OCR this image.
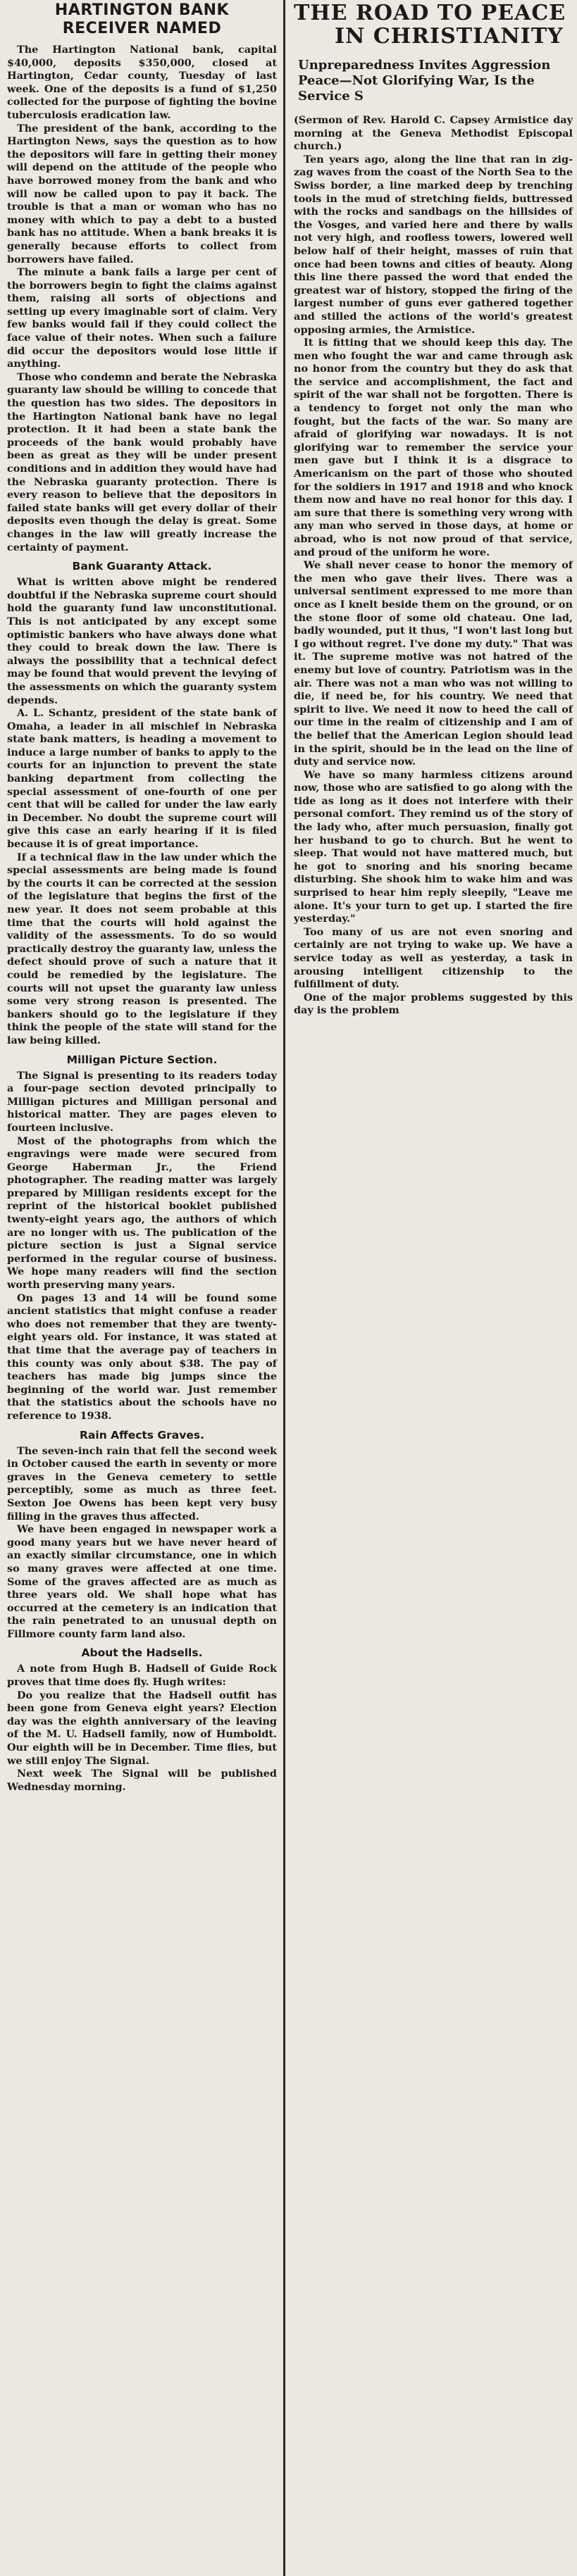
HARTINGTON BANK
RECEIVER NAMED

The Hartington National bank, capital $40,000, deposits $350,000, closed at Hartington, Cedar county, Tuesday of last week. One of the deposits is a fund of $1,250 collected for the purpose of fighting the bovine tuberculosis eradication law.

The president of the bank, according to the Hartington News, says the question as to how the depositors will fare in getting their money will depend on the attitude of the people who have borrowed money from the bank and who will now be called upon to pay it back. The trouble is that a man or woman who has no money with which to pay a debt to a busted bank has no attitude. When a bank breaks it is generally because efforts to collect from borrowers have failed.

The minute a bank fails a large per cent of the borrowers begin to fight the claims against them, raising all sorts of objections and setting up every imaginable sort of claim. Very few banks would fail if they could collect the face value of their notes. When such a failure did occur the depositors would lose little if anything.

Those who condemn and berate the Nebraska guaranty law should be willing to concede that the question has two sides. The depositors in the Hartington National bank have no legal protection. It it had been a state bank the proceeds of the bank would probably have been as great as they will be under present conditions and in addition they would have had the Nebraska guaranty protection. There is every reason to believe that the depositors in failed state banks will get every dollar of their deposits even though the delay is great. Some changes in the law will greatly increase the certainty of payment.

Bank Guaranty Attack.

What is written above might be rendered doubtful if the Nebraska supreme court should hold the guaranty fund law unconstitutional. This is not anticipated by any except some optimistic bankers who have always done what they could to break down the law. There is always the possibility that a technical defect may be found that would prevent the levying of the assessments on which the guaranty system depends.

A. L. Schantz, president of the state bank of Omaha, a leader in all mischief in Nebraska state bank matters, is heading a movement to induce a large number of banks to apply to the courts for an injunction to prevent the state banking department from collecting the special assessment of one-fourth of one per cent that will be called for under the law early in December. No doubt the supreme court will give this case an early hearing if it is filed because it is of great importance.

If a technical flaw in the law under which the special assessments are being made is found by the courts it can be corrected at the session of the legislature that begins the first of the new year. It does not seem probable at this time that the courts will hold against the validity of the assessments. To do so would practically destroy the guaranty law, unless the defect should prove of such a nature that it could be remedied by the legislature. The courts will not upset the guaranty law unless some very strong reason is presented. The bankers should go to the legislature if they think the people of the state will stand for the law being killed.

Milligan Picture Section.

The Signal is presenting to its readers today a four-page section devoted principally to Milligan pictures and Milligan personal and historical matter. They are pages eleven to fourteen inclusive.

Most of the photographs from which the engravings were made were secured from George Haberman Jr., the Friend photographer. The reading matter was largely prepared by Milligan residents except for the reprint of the historical booklet published twenty-eight years ago, the authors of which are no longer with us. The publication of the picture section is just a Signal service performed in the regular course of business. We hope many readers will find the section worth preserving many years.

On pages 13 and 14 will be found some ancient statistics that might confuse a reader who does not remember that they are twenty-eight years old. For instance, it was stated at that time that the average pay of teachers in this county was only about $38. The pay of teachers has made big jumps since the beginning of the world war. Just remember that the statistics about the schools have no reference to 1938.

Rain Affects Graves.

The seven-inch rain that fell the second week in October caused the earth in seventy or more graves in the Geneva cemetery to settle perceptibly, some as much as three feet. Sexton Joe Owens has been kept very busy filling in the graves thus affected.

We have been engaged in newspaper work a good many years but we have never heard of an exactly similar circumstance, one in which so many graves were affected at one time. Some of the graves affected are as much as three years old. We shall hope what has occurred at the cemetery is an indication that the rain penetrated to an unusual depth on Fillmore county farm land also.

About the Hadsells.

A note from Hugh B. Hadsell of Guide Rock proves that time does fly. Hugh writes:

Do you realize that the Hadsell outfit has been gone from Geneva eight years? Election day was the eighth anniversary of the leaving of the M. U. Hadsell family, now of Humboldt. Our eighth will be in December. Time flies, but we still enjoy The Signal.

Next week The Signal will be published Wednesday morning.

THE ROAD TO PEACE
IN CHRISTIANITY
Unpreparedness Invites Aggression Peace—Not Glorifying War, Is the Service S

(Sermon of Rev. Harold C. Capsey Armistice day morning at the Geneva Methodist Episcopal church.)

Ten years ago, along the line that ran in zig-zag waves from the coast of the North Sea to the Swiss border, a line marked deep by trenching tools in the mud of stretching fields, buttressed with the rocks and sandbags on the hillsides of the Vosges, and varied here and there by walls not very high, and roofless towers, lowered well below half of their height, masses of ruin that once had been towns and cities of beauty. Along this line there passed the word that ended the greatest war of history, stopped the firing of the largest number of guns ever gathered together and stilled the actions of the world's greatest opposing armies, the Armistice.

It is fitting that we should keep this day. The men who fought the war and came through ask no honor from the country but they do ask that the service and accomplishment, the fact and spirit of the war shall not be forgotten. There is a tendency to forget not only the man who fought, but the facts of the war. So many are afraid of glorifying war nowadays. It is not glorifying war to remember the service your men gave but I think it is a disgrace to Americanism on the part of those who shouted for the soldiers in 1917 and 1918 and who knock them now and have no real honor for this day. I am sure that there is something very wrong with any man who served in those days, at home or abroad, who is not now proud of that service, and proud of the uniform he wore.

We shall never cease to honor the memory of the men who gave their lives. There was a universal sentiment expressed to me more than once as I knelt beside them on the ground, or on the stone floor of some old chateau. One lad, badly wounded, put it thus, "I won't last long but I go without regret. I've done my duty." That was it. The supreme motive was not hatred of the enemy but love of country. Patriotism was in the air. There was not a man who was not willing to die, if need be, for his country. We need that spirit to live. We need it now to heed the call of our time in the realm of citizenship and I am of the belief that the American Legion should lead in the spirit, should be in the lead on the line of duty and service now.

We have so many harmless citizens around now, those who are satisfied to go along with the tide as long as it does not interfere with their personal comfort. They remind us of the story of the lady who, after much persuasion, finally got her husband to go to church. But he went to sleep. That would not have mattered much, but he got to snoring and his snoring became disturbing. She shook him to wake him and was surprised to hear him reply sleepily, "Leave me alone. It's your turn to get up. I started the fire yesterday."

Too many of us are not even snoring and certainly are not trying to wake up. We have a service today as well as yesterday, a task in arousing intelligent citizenship to the fulfillment of duty.

One of the major problems suggested by this day is the problem
